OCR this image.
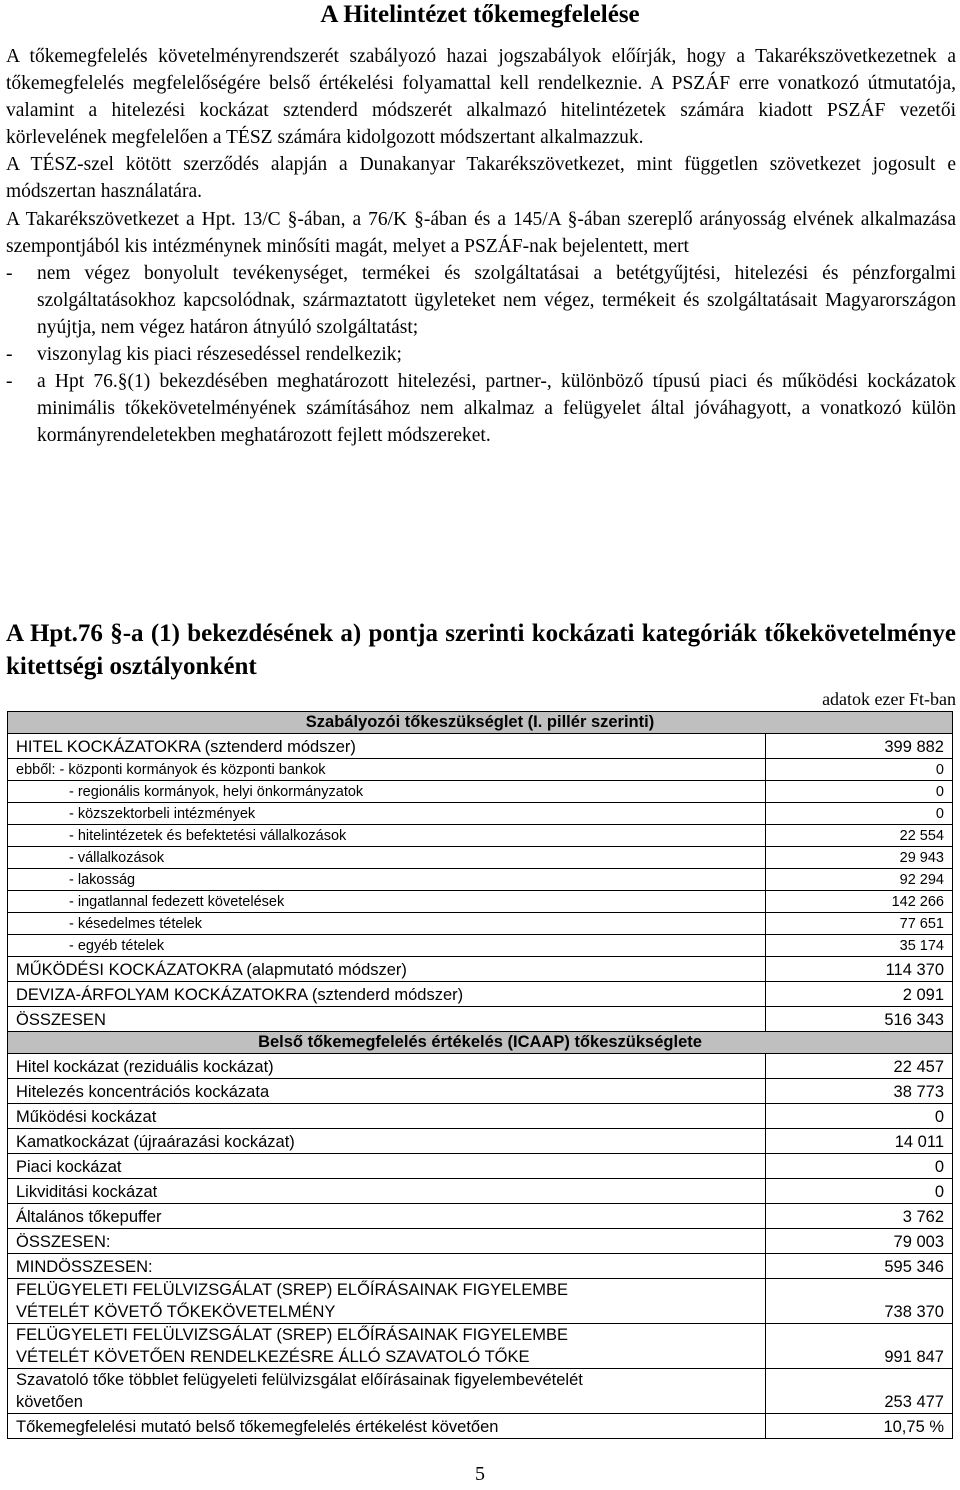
A Hitelintézet tőkemegfelelése

A tőkemegfelelés követelményrendszerét szabályozó hazai jogszabályok előírják, hogy a Takarékszövetkezetnek a tőkemegfelelés megfelelőségére belső értékelési folyamattal kell rendelkeznie. A PSZÁF erre vonatkozó útmutatója, valamint a hitelezési kockázat sztenderd módszerét alkalmazó hitelintézetek számára kiadott PSZÁF vezetői körlevelének megfelelően a TÉSZ számára kidolgozott módszertant alkalmazzuk.

A TÉSZ-szel kötött szerződés alapján a Dunakanyar Takarékszövetkezet, mint független szövetkezet jogosult e módszertan használatára.

A Takarékszövetkezet a Hpt. 13/C §-ában, a 76/K §-ában és a 145/A §-ában szereplő arányosság elvének alkalmazása szempontjából kis intézménynek minősíti magát, melyet a PSZÁF-nak bejelentett, mert

- nem végez bonyolult tevékenységet, termékei és szolgáltatásai a betétgyűjtési, hitelezési és pénzforgalmi szolgáltatásokhoz kapcsolódnak, származtatott ügyleteket nem végez, termékeit és szolgáltatásait Magyarországon nyújtja, nem végez határon átnyúló szolgáltatást;

- viszonylag kis piaci részesedéssel rendelkezik;

- a Hpt 76.§(1) bekezdésében meghatározott hitelezési, partner-, különböző típusú piaci és működési kockázatok minimális tőkekövetelményének számításához nem alkalmaz a felügyelet által jóváhagyott, a vonatkozó külön kormányrendeletekben meghatározott fejlett módszereket.

A Hpt.76 §-a (1) bekezdésének a) pontja szerinti kockázati kategóriák tőkekövetelménye kitettségi osztályonként
adatok ezer Ft-ban
Szabályozói tőkeszükséglet (I. pillér szerinti)	
HITEL KOCKÁZATOKRA (sztenderd módszer)	399 882
ebből: - központi kormányok és központi bankok	0
- regionális kormányok, helyi önkormányzatok	0
- közszektorbeli intézmények	0
- hitelintézetek és befektetési vállalkozások	22 554
- vállalkozások	29 943
- lakosság	92 294
- ingatlannal fedezett követelések	142 266
- késedelmes tételek	77 651
- egyéb tételek	35 174
MŰKÖDÉSI KOCKÁZATOKRA (alapmutató módszer)	114 370
DEVIZA-ÁRFOLYAM KOCKÁZATOKRA (sztenderd módszer)	2 091
ÖSSZESEN	516 343
Belső tőkemegfelelés értékelés (ICAAP) tőkeszükséglete	
Hitel kockázat (reziduális kockázat)	22 457
Hitelezés koncentrációs kockázata	38 773
Működési kockázat	0
Kamatkockázat (újraárazási kockázat)	14 011
Piaci kockázat	0
Likviditási kockázat	0
Általános tőkepuffer	3 762
ÖSSZESEN:	79 003
MINDÖSSZESEN:	595 346

FELÜGYELETI FELÜLVIZSGÁLAT (SREP) ELŐÍRÁSAINAK FIGYELEMBE
VÉTELÉT KÖVETŐ TŐKEKÖVETELMÉNY	738 370

FELÜGYELETI FELÜLVIZSGÁLAT (SREP) ELŐÍRÁSAINAK FIGYELEMBE
VÉTELÉT KÖVETŐEN RENDELKEZÉSRE ÁLLÓ SZAVATOLÓ TŐKE	991 847

Szavatoló tőke többlet felügyeleti felülvizsgálat előírásainak figyelembevételét
követően	253 477
Tőkemegfelelési mutató belső tőkemegfelelés értékelést követően	10,75 %
5
